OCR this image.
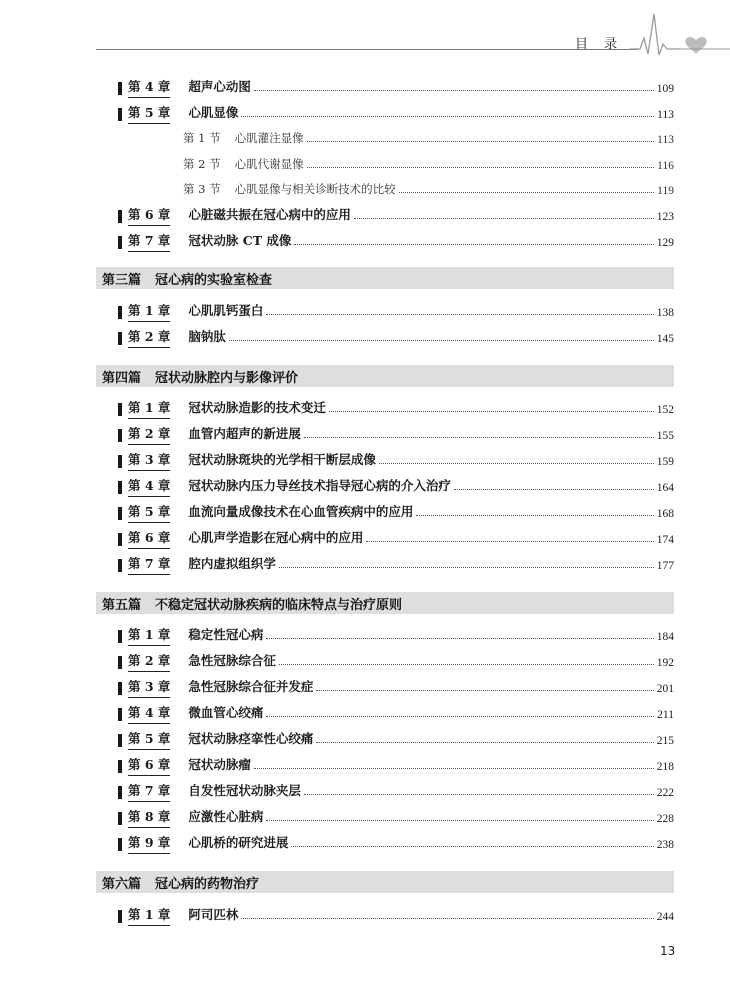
目 录
第 4 章 超声心动图	109
第 5 章 心肌显像	113
第 1 节 心肌灌注显像	113
第 2 节 心肌代谢显像	116
第 3 节 心肌显像与相关诊断技术的比较	119
第 6 章 心脏磁共振在冠心病中的应用	123
第 7 章 冠状动脉 CT 成像	129
第三篇 冠心病的实验室检查
第 1 章 心肌肌钙蛋白	138
第 2 章 脑钠肽	145
第四篇 冠状动脉腔内与影像评价
第 1 章 冠状动脉造影的技术变迁	152
第 2 章 血管内超声的新进展	155
第 3 章 冠状动脉斑块的光学相干断层成像	159
第 4 章 冠状动脉内压力导丝技术指导冠心病的介入治疗	164
第 5 章 血流向量成像技术在心血管疾病中的应用	168
第 6 章 心肌声学造影在冠心病中的应用	174
第 7 章 腔内虚拟组织学	177
第五篇 不稳定冠状动脉疾病的临床特点与治疗原则
第 1 章 稳定性冠心病	184
第 2 章 急性冠脉综合征	192
第 3 章 急性冠脉综合征并发症	201
第 4 章 微血管心绞痛	211
第 5 章 冠状动脉痉挛性心绞痛	215
第 6 章 冠状动脉瘤	218
第 7 章 自发性冠状动脉夹层	222
第 8 章 应激性心脏病	228
第 9 章 心肌桥的研究进展	238
第六篇 冠心病的药物治疗
第 1 章 阿司匹林	244
13
